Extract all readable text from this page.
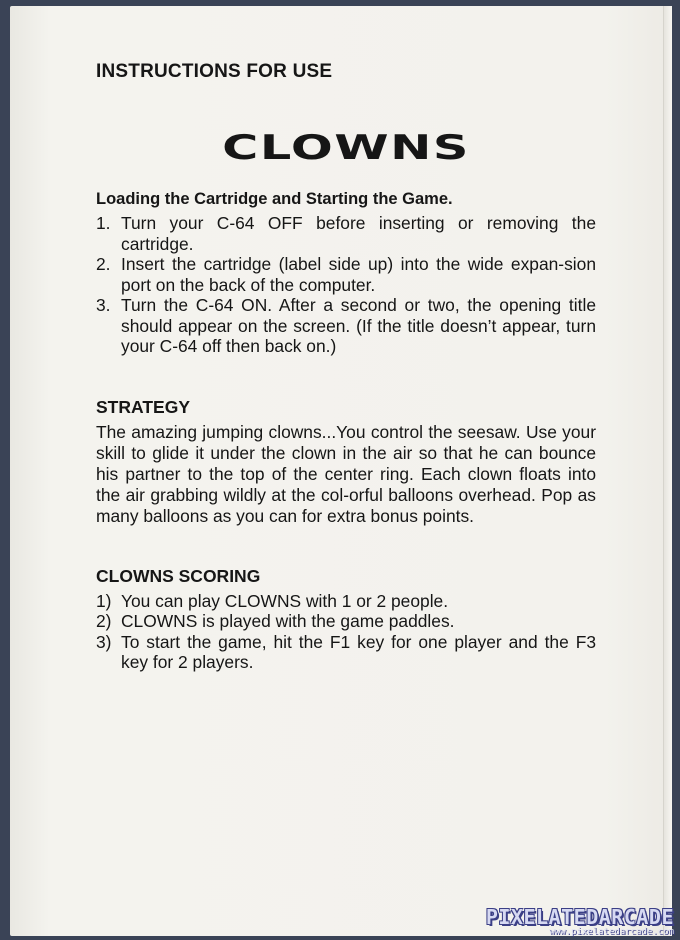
INSTRUCTIONS FOR USE
CLOWNS
Loading the Cartridge and Starting the Game.
1. Turn your C-64 OFF before inserting or removing the cartridge.
2. Insert the cartridge (label side up) into the wide expan-sion port on the back of the computer.
3. Turn the C-64 ON. After a second or two, the opening title should appear on the screen. (If the title doesn’t appear, turn your C-64 off then back on.)
STRATEGY

The amazing jumping clowns...You control the seesaw. Use your skill to glide it under the clown in the air so that he can bounce his partner to the top of the center ring. Each clown floats into the air grabbing wildly at the col-orful balloons overhead. Pop as many balloons as you can for extra bonus points.

CLOWNS SCORING
1) You can play CLOWNS with 1 or 2 people.
2) CLOWNS is played with the game paddles.
3) To start the game, hit the F1 key for one player and the F3 key for 2 players.
PIXELATEDARCADE
www.pixelatedarcade.com
